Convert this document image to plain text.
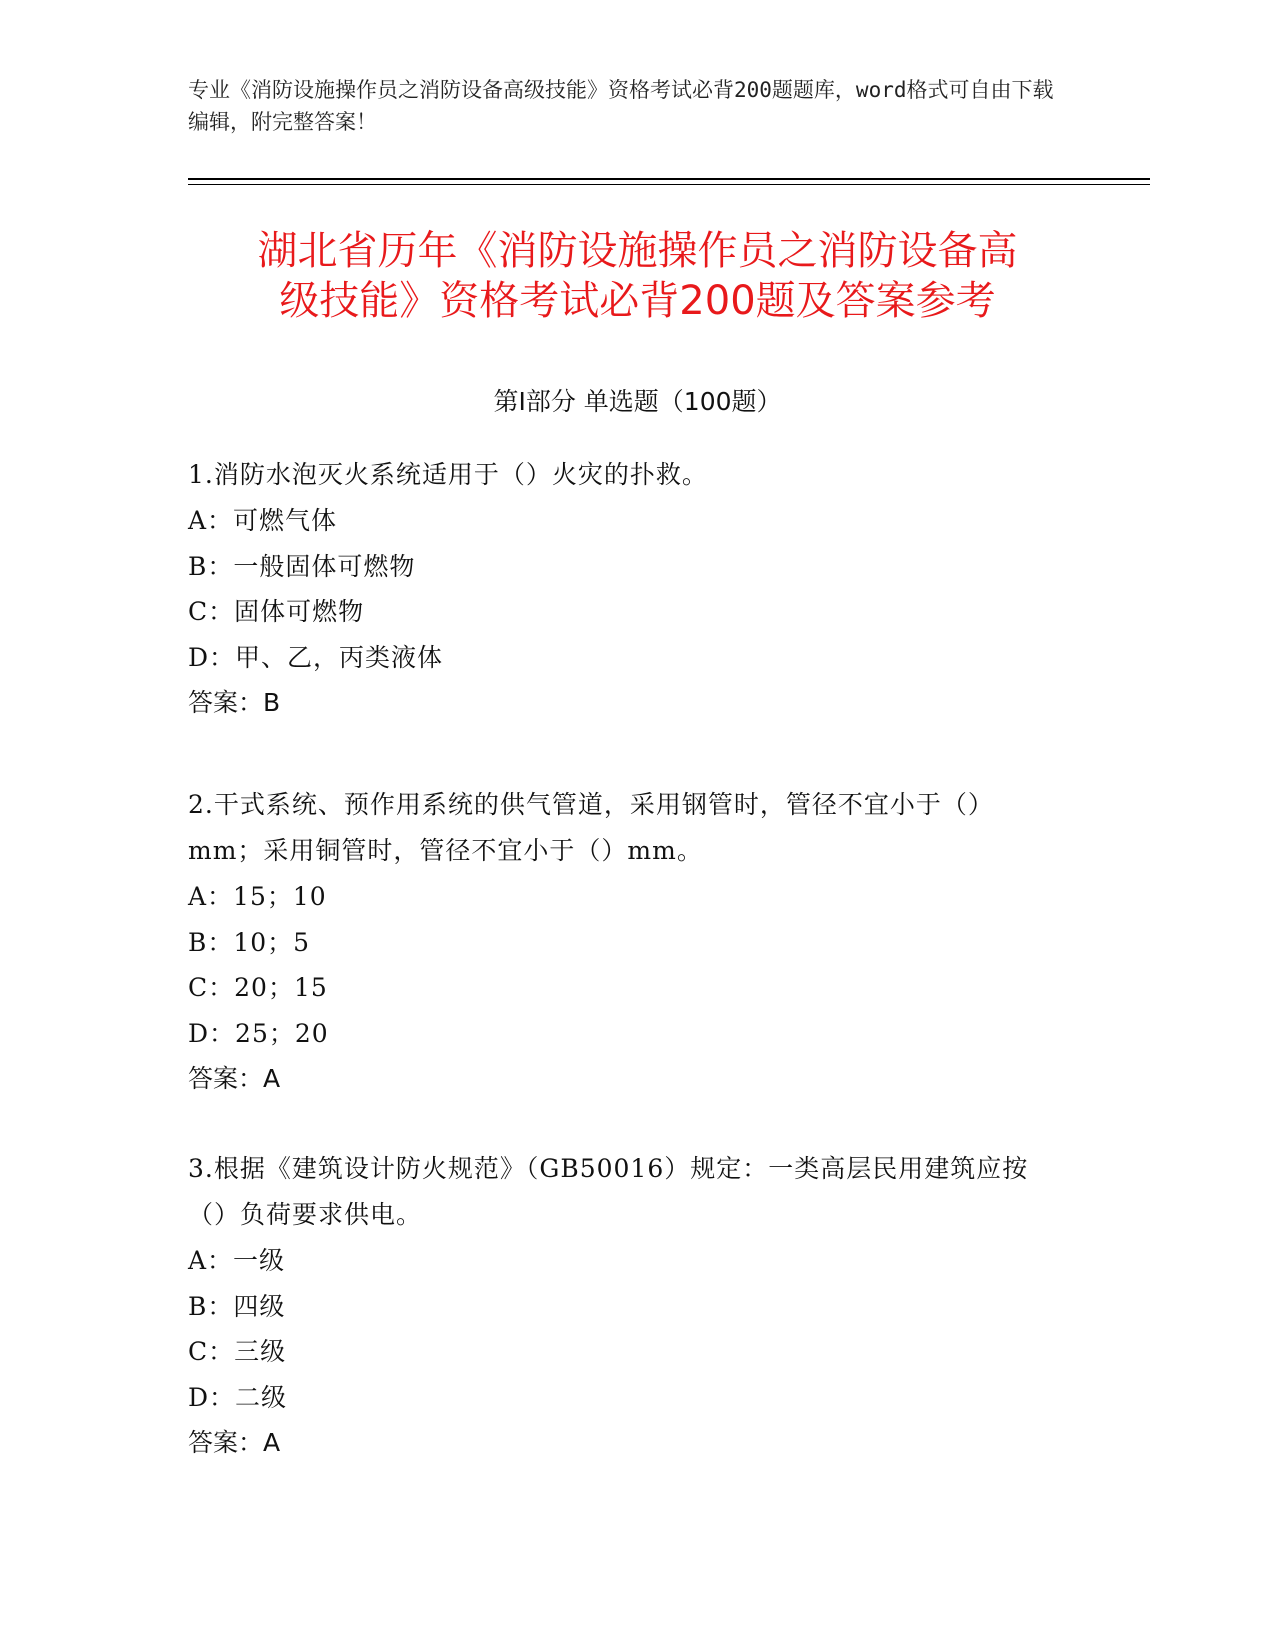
专业《消防设施操作员之消防设备高级技能》资格考试必背200题题库，word格式可自由下载编辑，附完整答案！
湖北省历年《消防设施操作员之消防设备高
级技能》资格考试必背200题及答案参考
第Ⅰ部分 单选题（100题）
1.消防水泡灭火系统适用于（）火灾的扑救。
A：可燃气体
B：一般固体可燃物
C：固体可燃物
D：甲、乙，丙类液体
答案：B
2.干式系统、预作用系统的供气管道，采用钢管时，管径不宜小于（）mm；采用铜管时，管径不宜小于（）mm。
A：15；10
B：10；5
C：20；15
D：25；20
答案：A
3.根据《建筑设计防火规范》（GB50016）规定：一类高层民用建筑应按（）负荷要求供电。
A：一级
B：四级
C：三级
D：二级
答案：A
